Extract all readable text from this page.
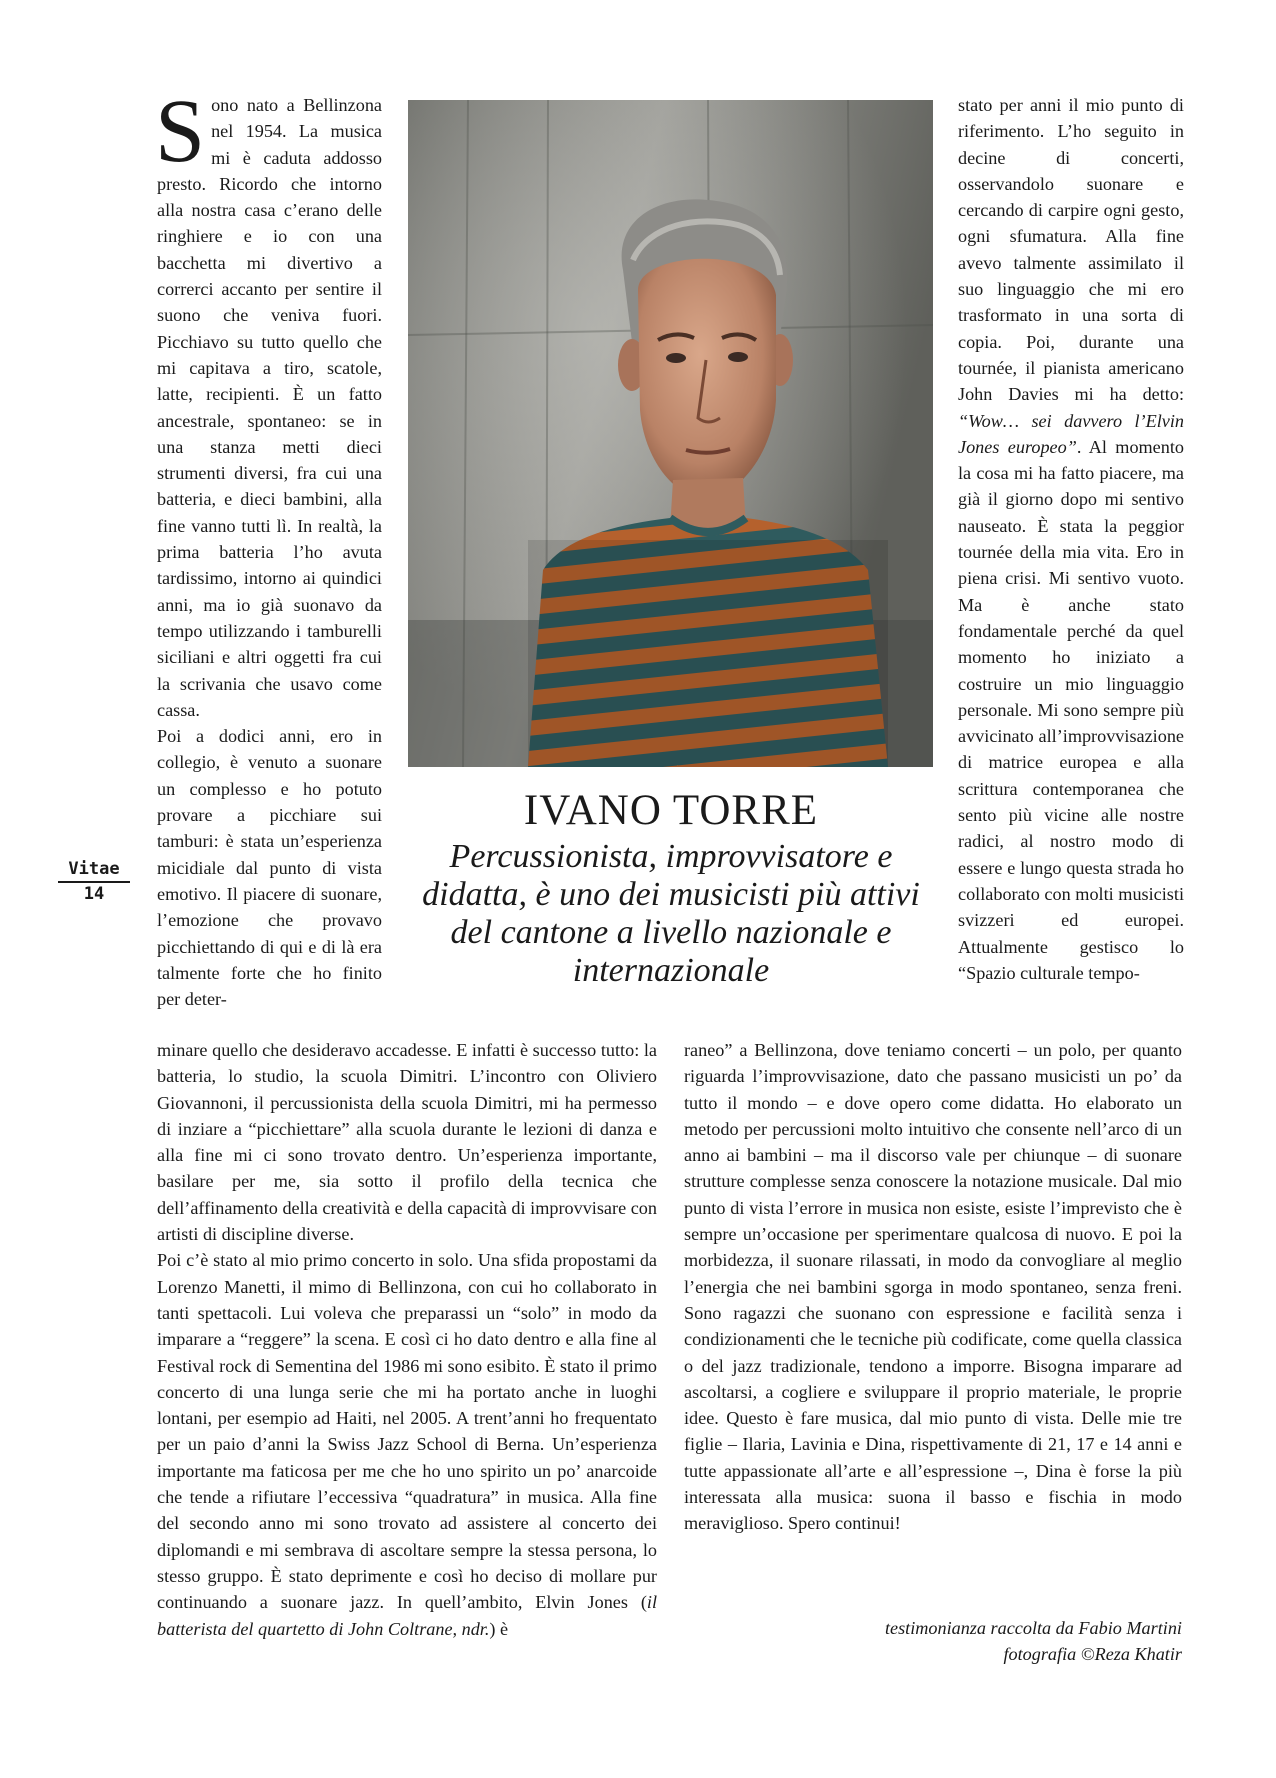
Sono nato a Bellinzona nel 1954. La musica mi è caduta addosso presto. Ricordo che intorno alla nostra casa c’erano delle ringhiere e io con una bacchetta mi divertivo a correrci accanto per sentire il suono che veniva fuori. Picchiavo su tutto quello che mi capitava a tiro, scatole, latte, recipienti. È un fatto ancestrale, spontaneo: se in una stanza metti dieci strumenti diversi, fra cui una batteria, e dieci bambini, alla fine vanno tutti lì. In realtà, la prima batteria l’ho avuta tardissimo, intorno ai quindici anni, ma io già suonavo da tempo utilizzando i tamburelli siciliani e altri oggetti fra cui la scrivania che usavo come cassa.

Poi a dodici anni, ero in collegio, è venuto a suonare un complesso e ho potuto provare a picchiare sui tamburi: è stata un’esperienza micidiale dal punto di vista emotivo. Il piacere di suonare, l’emozione che provavo picchiettando di qui e di là era talmente forte che ho finito per deter-

IVANO TORRE
Percussionista, improvvisatore e didatta, è uno dei musicisti più attivi del cantone a livello nazionale e internazionale

stato per anni il mio punto di riferimento. L’ho seguito in decine di concerti, osservandolo suonare e cercando di carpire ogni gesto, ogni sfumatura. Alla fine avevo talmente assimilato il suo linguaggio che mi ero trasformato in una sorta di copia. Poi, durante una tournée, il pianista americano John Davies mi ha detto: “Wow… sei davvero l’Elvin Jones europeo”. Al momento la cosa mi ha fatto piacere, ma già il giorno dopo mi sentivo nauseato. È stata la peggior tournée della mia vita. Ero in piena crisi. Mi sentivo vuoto. Ma è anche stato fondamentale perché da quel momento ho iniziato a costruire un mio linguaggio personale. Mi sono sempre più avvicinato all’improvvisazione di matrice europea e alla scrittura contemporanea che sento più vicine alle nostre radici, al nostro modo di essere e lungo questa strada ho collaborato con molti musicisti svizzeri ed europei. Attualmente gestisco lo “Spazio culturale tempo-

Vitae
14

minare quello che desideravo accadesse. E infatti è successo tutto: la batteria, lo studio, la scuola Dimitri. L’incontro con Oliviero Giovannoni, il percussionista della scuola Dimitri, mi ha permesso di inziare a “picchiettare” alla scuola durante le lezioni di danza e alla fine mi ci sono trovato dentro. Un’esperienza importante, basilare per me, sia sotto il profilo della tecnica che dell’affinamento della creatività e della capacità di improvvisare con artisti di discipline diverse.

Poi c’è stato al mio primo concerto in solo. Una sfida propostami da Lorenzo Manetti, il mimo di Bellinzona, con cui ho collaborato in tanti spettacoli. Lui voleva che preparassi un “solo” in modo da imparare a “reggere” la scena. E così ci ho dato dentro e alla fine al Festival rock di Sementina del 1986 mi sono esibito. È stato il primo concerto di una lunga serie che mi ha portato anche in luoghi lontani, per esempio ad Haiti, nel 2005. A trent’anni ho frequentato per un paio d’anni la Swiss Jazz School di Berna. Un’esperienza importante ma faticosa per me che ho uno spirito un po’ anarcoide che tende a rifiutare l’eccessiva “quadratura” in musica. Alla fine del secondo anno mi sono trovato ad assistere al concerto dei diplomandi e mi sembrava di ascoltare sempre la stessa persona, lo stesso gruppo. È stato deprimente e così ho deciso di mollare pur continuando a suonare jazz. In quell’ambito, Elvin Jones (il batterista del quartetto di John Coltrane, ndr.) è

raneo” a Bellinzona, dove teniamo concerti – un polo, per quanto riguarda l’improvvisazione, dato che passano musicisti un po’ da tutto il mondo – e dove opero come didatta. Ho elaborato un metodo per percussioni molto intuitivo che consente nell’arco di un anno ai bambini – ma il discorso vale per chiunque – di suonare strutture complesse senza conoscere la notazione musicale. Dal mio punto di vista l’errore in musica non esiste, esiste l’imprevisto che è sempre un’occasione per sperimentare qualcosa di nuovo. E poi la morbidezza, il suonare rilassati, in modo da convogliare al meglio l’energia che nei bambini sgorga in modo spontaneo, senza freni. Sono ragazzi che suonano con espressione e facilità senza i condizionamenti che le tecniche più codificate, come quella classica o del jazz tradizionale, tendono a imporre. Bisogna imparare ad ascoltarsi, a cogliere e sviluppare il proprio materiale, le proprie idee. Questo è fare musica, dal mio punto di vista. Delle mie tre figlie – Ilaria, Lavinia e Dina, rispettivamente di 21, 17 e 14 anni e tutte appassionate all’arte e all’espressione –, Dina è forse la più interessata alla musica: suona il basso e fischia in modo meraviglioso. Spero continui!

testimonianza raccolta da Fabio Martini
fotografia ©Reza Khatir
